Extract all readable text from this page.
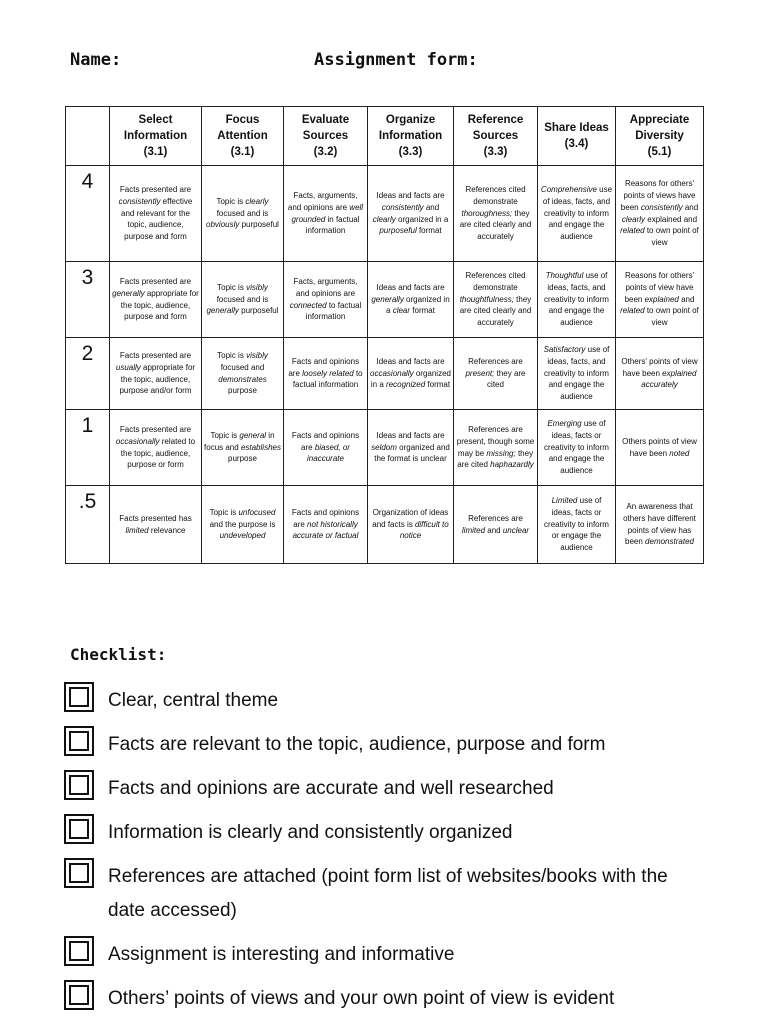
Name:	Assignment form:
	Select
Information
(3.1)	Focus
Attention
(3.1)	Evaluate
Sources
(3.2)	Organize
Information
(3.3)	Reference
Sources
(3.3)	Share Ideas
(3.4)	Appreciate
Diversity
(5.1)
4	Facts presented are consistently effective and relevant for the topic, audience, purpose and form	Topic is clearly focused and is obviously purposeful	Facts, arguments, and opinions are well grounded in factual information	Ideas and facts are consistently and clearly organized in a purposeful format	References cited demonstrate thoroughness; they are cited clearly and accurately	Comprehensive use of ideas, facts, and creativity to inform and engage the audience	Reasons for others' points of views have been consistently and clearly explained and related to own point of view
3	Facts presented are generally appropriate for the topic, audience, purpose and form	Topic is visibly focused and is generally purposeful	Facts, arguments, and opinions are connected to factual information	Ideas and facts are generally organized in a clear format	References cited demonstrate thoughtfulness; they are cited clearly and accurately	Thoughtful use of ideas, facts, and creativity to inform and engage the audience	Reasons for others' points of view have been explained and related to own point of view
2	Facts presented are usually appropriate for the topic, audience, purpose and/or form	Topic is visibly focused and demonstrates purpose	Facts and opinions are loosely related to factual information	Ideas and facts are occasionally organized in a recognized format	References are present; they are cited	Satisfactory use of ideas, facts, and creativity to inform and engage the audience	Others' points of view have been explained accurately
1	Facts presented are occasionally related to the topic, audience, purpose or form	Topic is general in focus and establishes purpose	Facts and opinions are biased, or inaccurate	Ideas and facts are seldom organized and the format is unclear	References are present, though some may be missing; they are cited haphazardly	Emerging use of ideas, facts or creativity to inform and engage the audience	Others points of view have been noted
.5	Facts presented has limited relevance	Topic is unfocused and the purpose is undeveloped	Facts and opinions are not historically accurate or factual	Organization of ideas and facts is difficult to notice	References are limited and unclear	Limited use of ideas, facts or creativity to inform or engage the audience	An awareness that others have different points of view has been demonstrated
Checklist:
Clear, central theme
Facts are relevant to the topic, audience, purpose and form
Facts and opinions are accurate and well researched
Information is clearly and consistently organized
References are attached (point form list of websites/books with the date accessed)
Assignment is interesting and informative
Others’ points of views and your own point of view is evident
